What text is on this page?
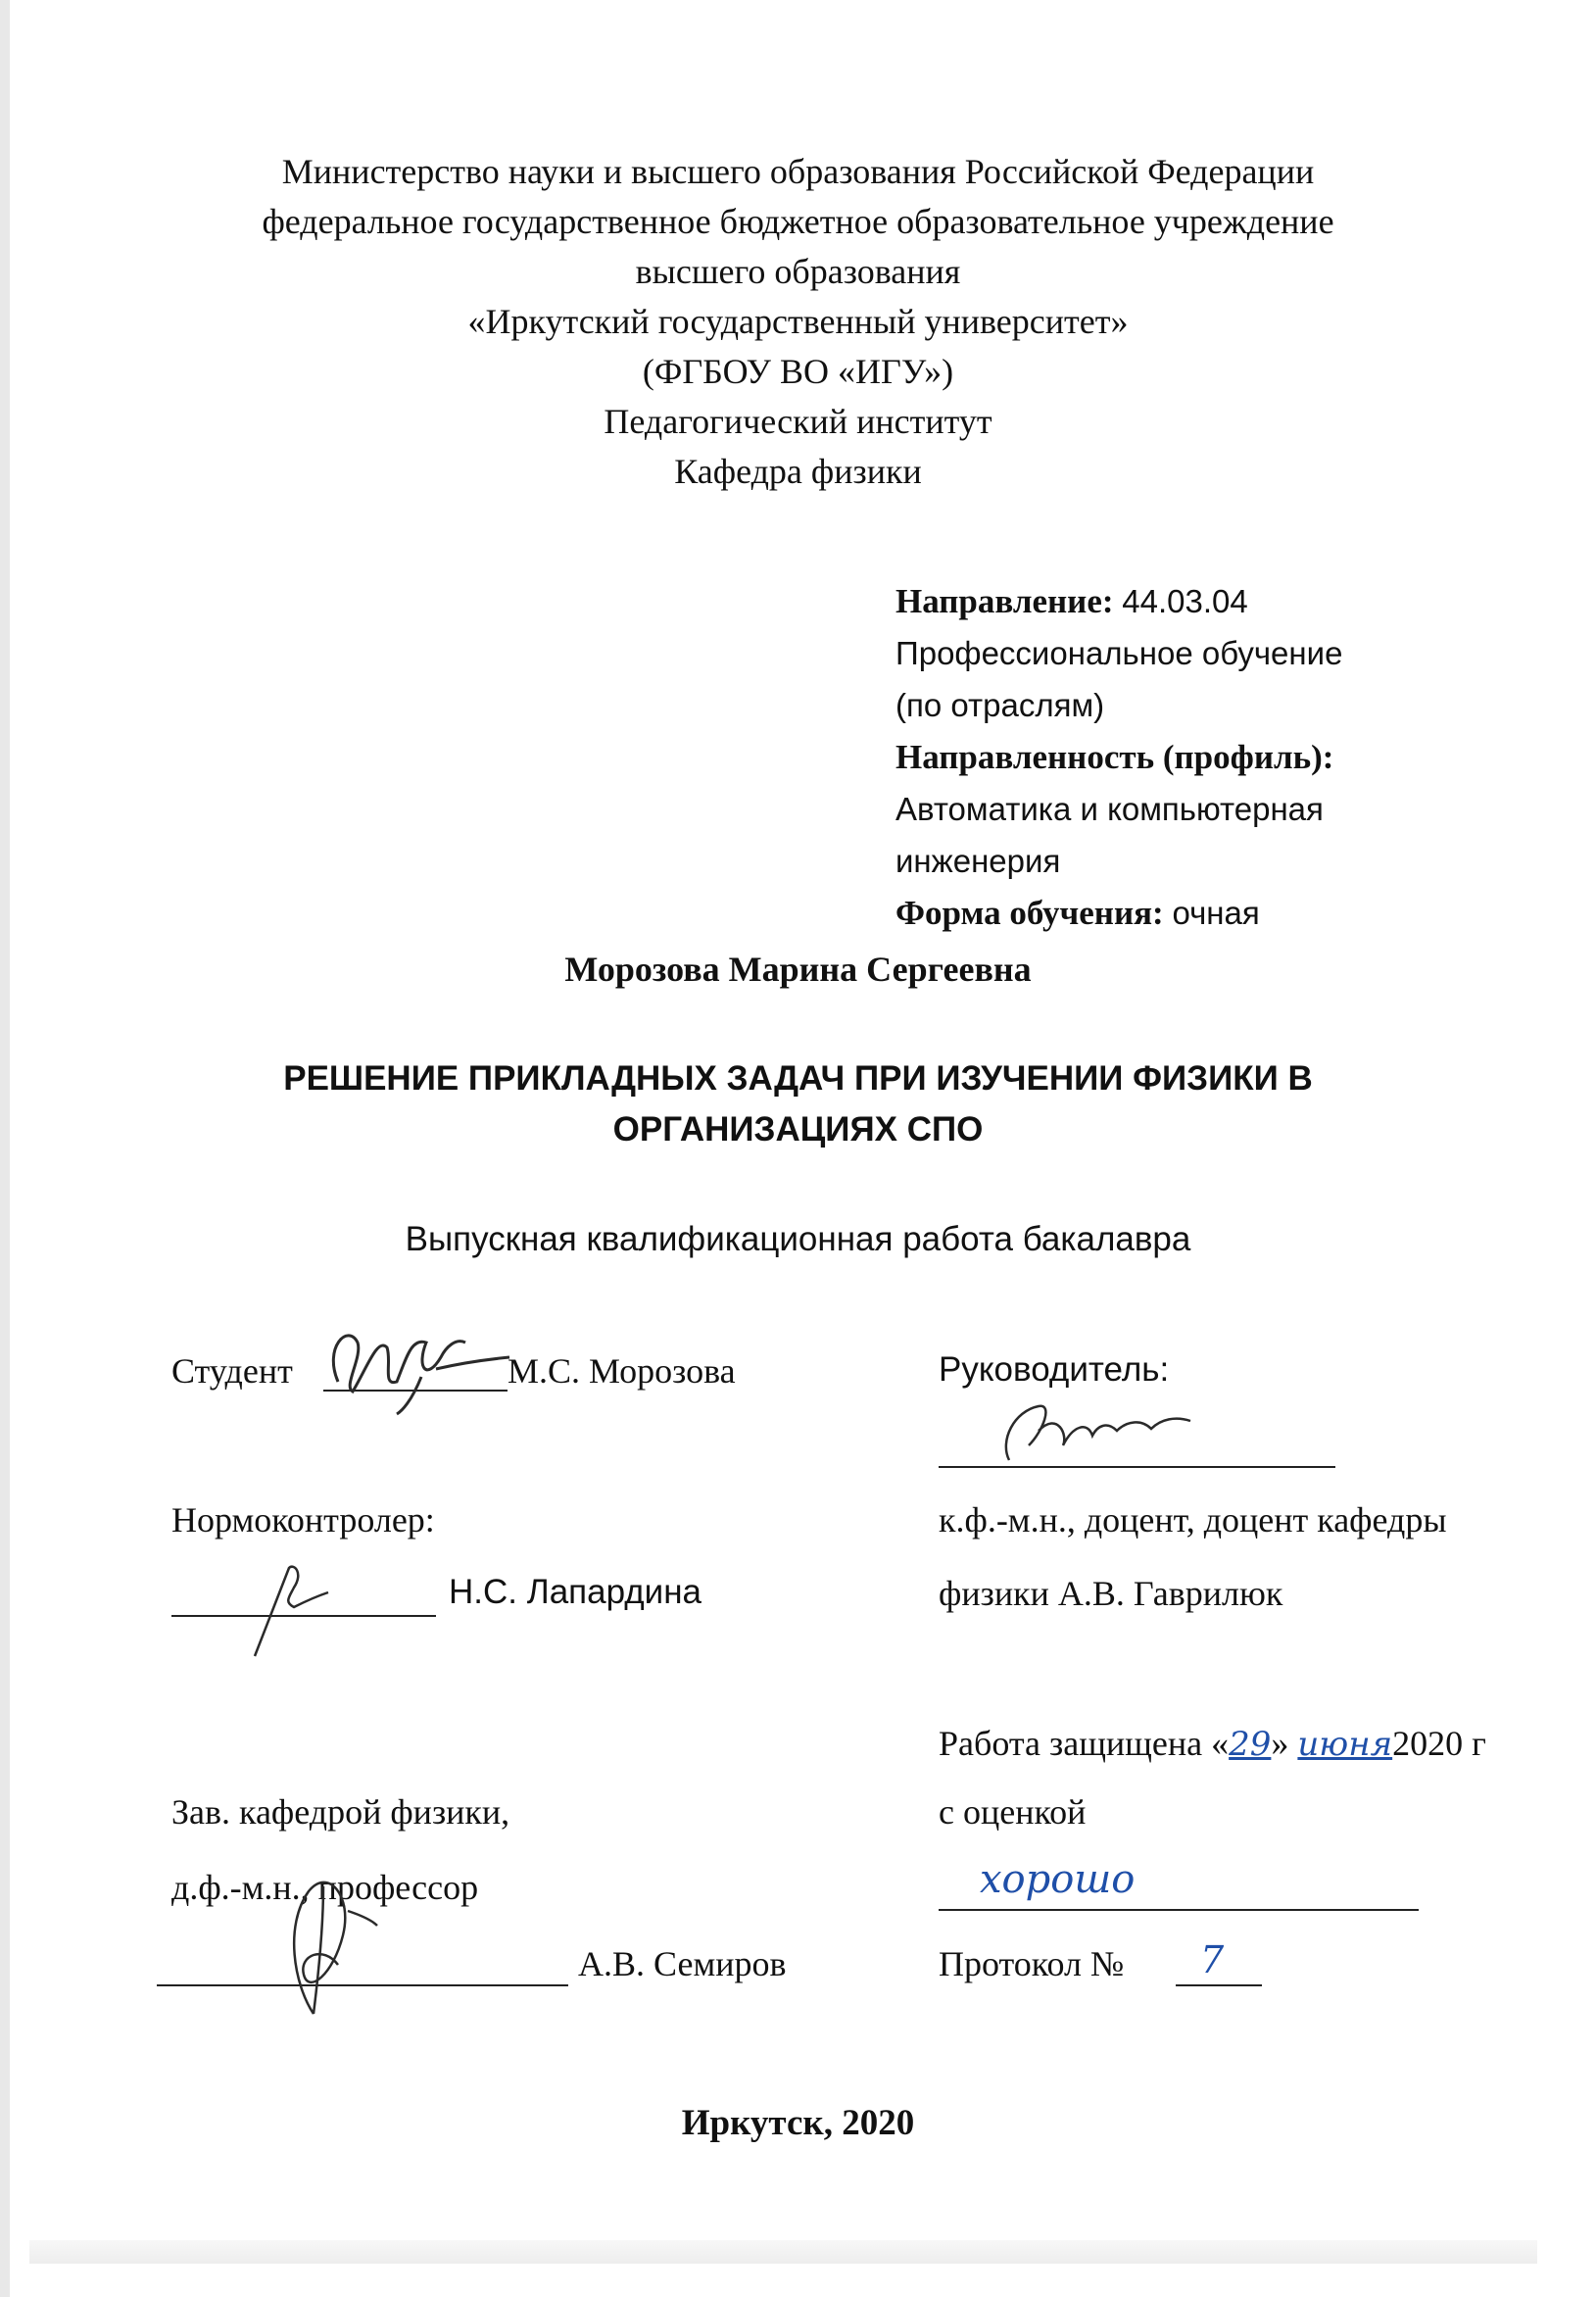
Министерство науки и высшего образования Российской Федерации
федеральное государственное бюджетное образовательное учреждение
высшего образования
«Иркутский государственный университет»
(ФГБОУ ВО «ИГУ»)
Педагогический институт
Кафедра физики
Направление: 44.03.04
Профессиональное обучение
(по отраслям)
Направленность (профиль):
Автоматика и компьютерная
инженерия
Форма обучения: очная
Морозова Марина Сергеевна
РЕШЕНИЕ ПРИКЛАДНЫХ ЗАДАЧ ПРИ ИЗУЧЕНИИ ФИЗИКИ В
ОРГАНИЗАЦИЯХ СПО
Выпускная квалификационная работа бакалавра
Студент	М.С. Морозова	Руководитель:
Нормоконтролер:
Н.С. Лапардина
к.ф.-м.н., доцент, доцент кафедры
физики А.В. Гаврилюк
Работа защищена «29» июня2020 г
Зав. кафедрой физики,	с оценкой
д.ф.-м.н., профессор	хорошо
А.В. Семиров	Протокол № 7
Иркутск, 2020
